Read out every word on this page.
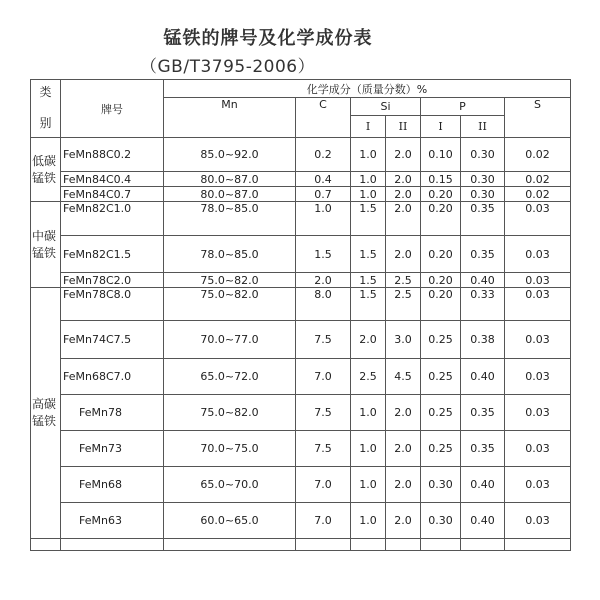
锰铁的牌号及化学成份表
（GB/T3795-2006）
类
别	牌号	化学成分（质量分数）%						
		Mn	C	Si		P		S
				I	II	I	II	
低碳锰铁	FeMn88C0.2	85.0~92.0	0.2	1.0	2.0	0.10	0.30	0.02
	FeMn84C0.4	80.0~87.0	0.4	1.0	2.0	0.15	0.30	0.02
	FeMn84C0.7	80.0~87.0	0.7	1.0	2.0	0.20	0.30	0.02
中碳锰铁	FeMn82C1.0	78.0~85.0	1.0	1.5	2.0	0.20	0.35	0.03
	FeMn82C1.5	78.0~85.0	1.5	1.5	2.0	0.20	0.35	0.03
	FeMn78C2.0	75.0~82.0	2.0	1.5	2.5	0.20	0.40	0.03
高碳锰铁	FeMn78C8.0	75.0~82.0	8.0	1.5	2.5	0.20	0.33	0.03
	FeMn74C7.5	70.0~77.0	7.5	2.0	3.0	0.25	0.38	0.03
	FeMn68C7.0	65.0~72.0	7.0	2.5	4.5	0.25	0.40	0.03
	FeMn78	75.0~82.0	7.5	1.0	2.0	0.25	0.35	0.03
	FeMn73	70.0~75.0	7.5	1.0	2.0	0.25	0.35	0.03
	FeMn68	65.0~70.0	7.0	1.0	2.0	0.30	0.40	0.03
	FeMn63	60.0~65.0	7.0	1.0	2.0	0.30	0.40	0.03
